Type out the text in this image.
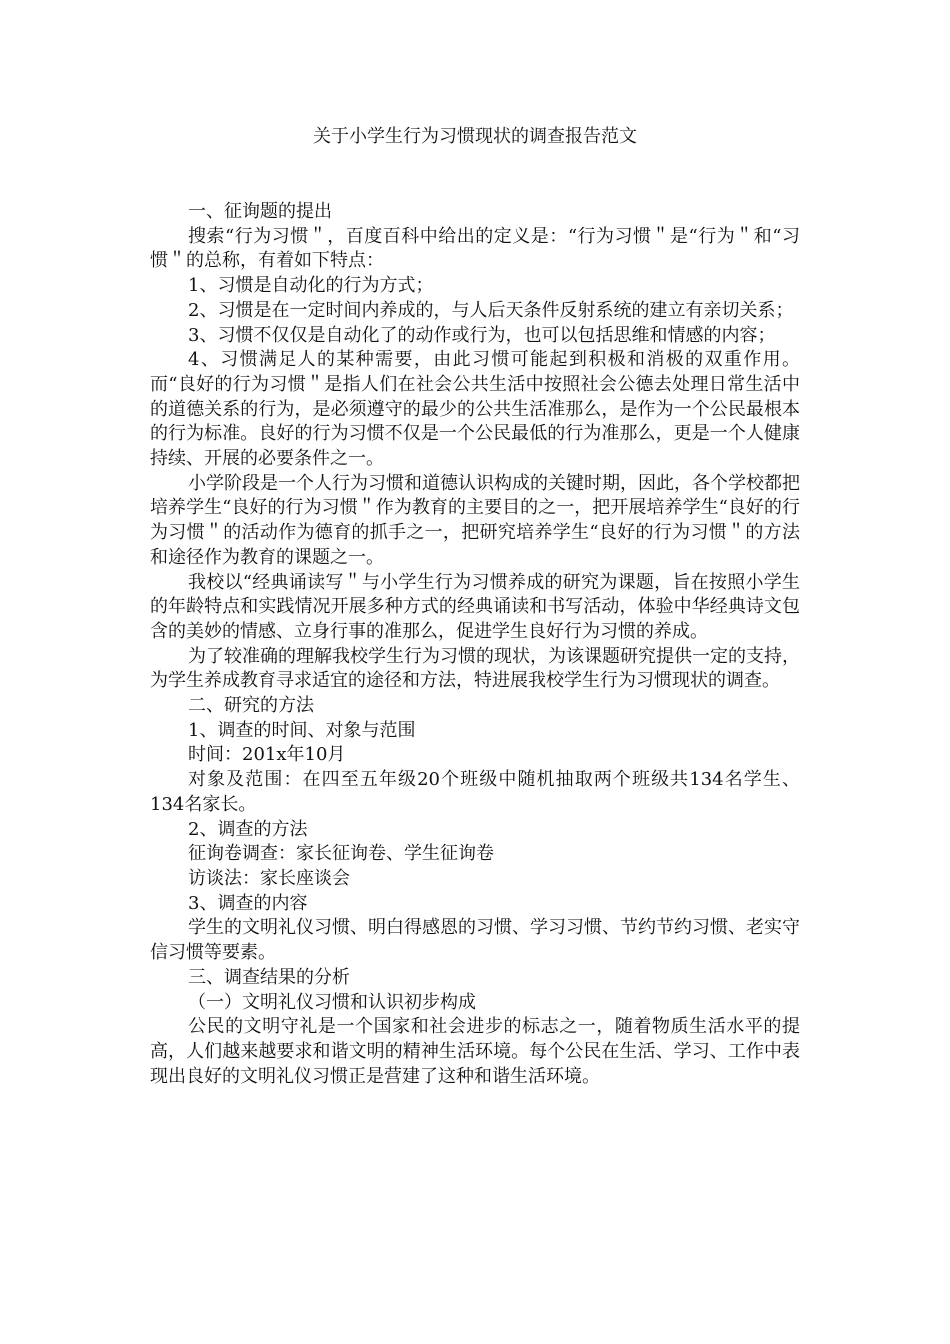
关于小学生行为习惯现状的调查报告范文

一、征询题的提出

搜索“行为习惯＂，百度百科中给出的定义是：“行为习惯＂是“行为＂和“习惯＂的总称，有着如下特点：

1、习惯是自动化的行为方式；

2、习惯是在一定时间内养成的，与人后天条件反射系统的建立有亲切关系；

3、习惯不仅仅是自动化了的动作或行为，也可以包括思维和情感的内容；

4、习惯满足人的某种需要，由此习惯可能起到积极和消极的双重作用。而“良好的行为习惯＂是指人们在社会公共生活中按照社会公德去处理日常生活中的道德关系的行为，是必须遵守的最少的公共生活准那么，是作为一个公民最根本的行为标准。良好的行为习惯不仅是一个公民最低的行为准那么，更是一个人健康持续、开展的必要条件之一。

小学阶段是一个人行为习惯和道德认识构成的关键时期，因此，各个学校都把培养学生“良好的行为习惯＂作为教育的主要目的之一，把开展培养学生“良好的行为习惯＂的活动作为德育的抓手之一，把研究培养学生“良好的行为习惯＂的方法和途径作为教育的课题之一。

我校以“经典诵读写＂与小学生行为习惯养成的研究为课题，旨在按照小学生的年龄特点和实践情况开展多种方式的经典诵读和书写活动，体验中华经典诗文包含的美妙的情感、立身行事的准那么，促进学生良好行为习惯的养成。

为了较准确的理解我校学生行为习惯的现状，为该课题研究提供一定的支持，为学生养成教育寻求适宜的途径和方法，特进展我校学生行为习惯现状的调查。

二、研究的方法

1、调查的时间、对象与范围

时间：201x年10月

对象及范围：在四至五年级20个班级中随机抽取两个班级共134名学生、134名家长。

2、调查的方法

征询卷调查：家长征询卷、学生征询卷

访谈法：家长座谈会

3、调查的内容

学生的文明礼仪习惯、明白得感恩的习惯、学习习惯、节约节约习惯、老实守信习惯等要素。

三、调查结果的分析

（一）文明礼仪习惯和认识初步构成

公民的文明守礼是一个国家和社会进步的标志之一，随着物质生活水平的提高，人们越来越要求和谐文明的精神生活环境。每个公民在生活、学习、工作中表现出良好的文明礼仪习惯正是营建了这种和谐生活环境。
